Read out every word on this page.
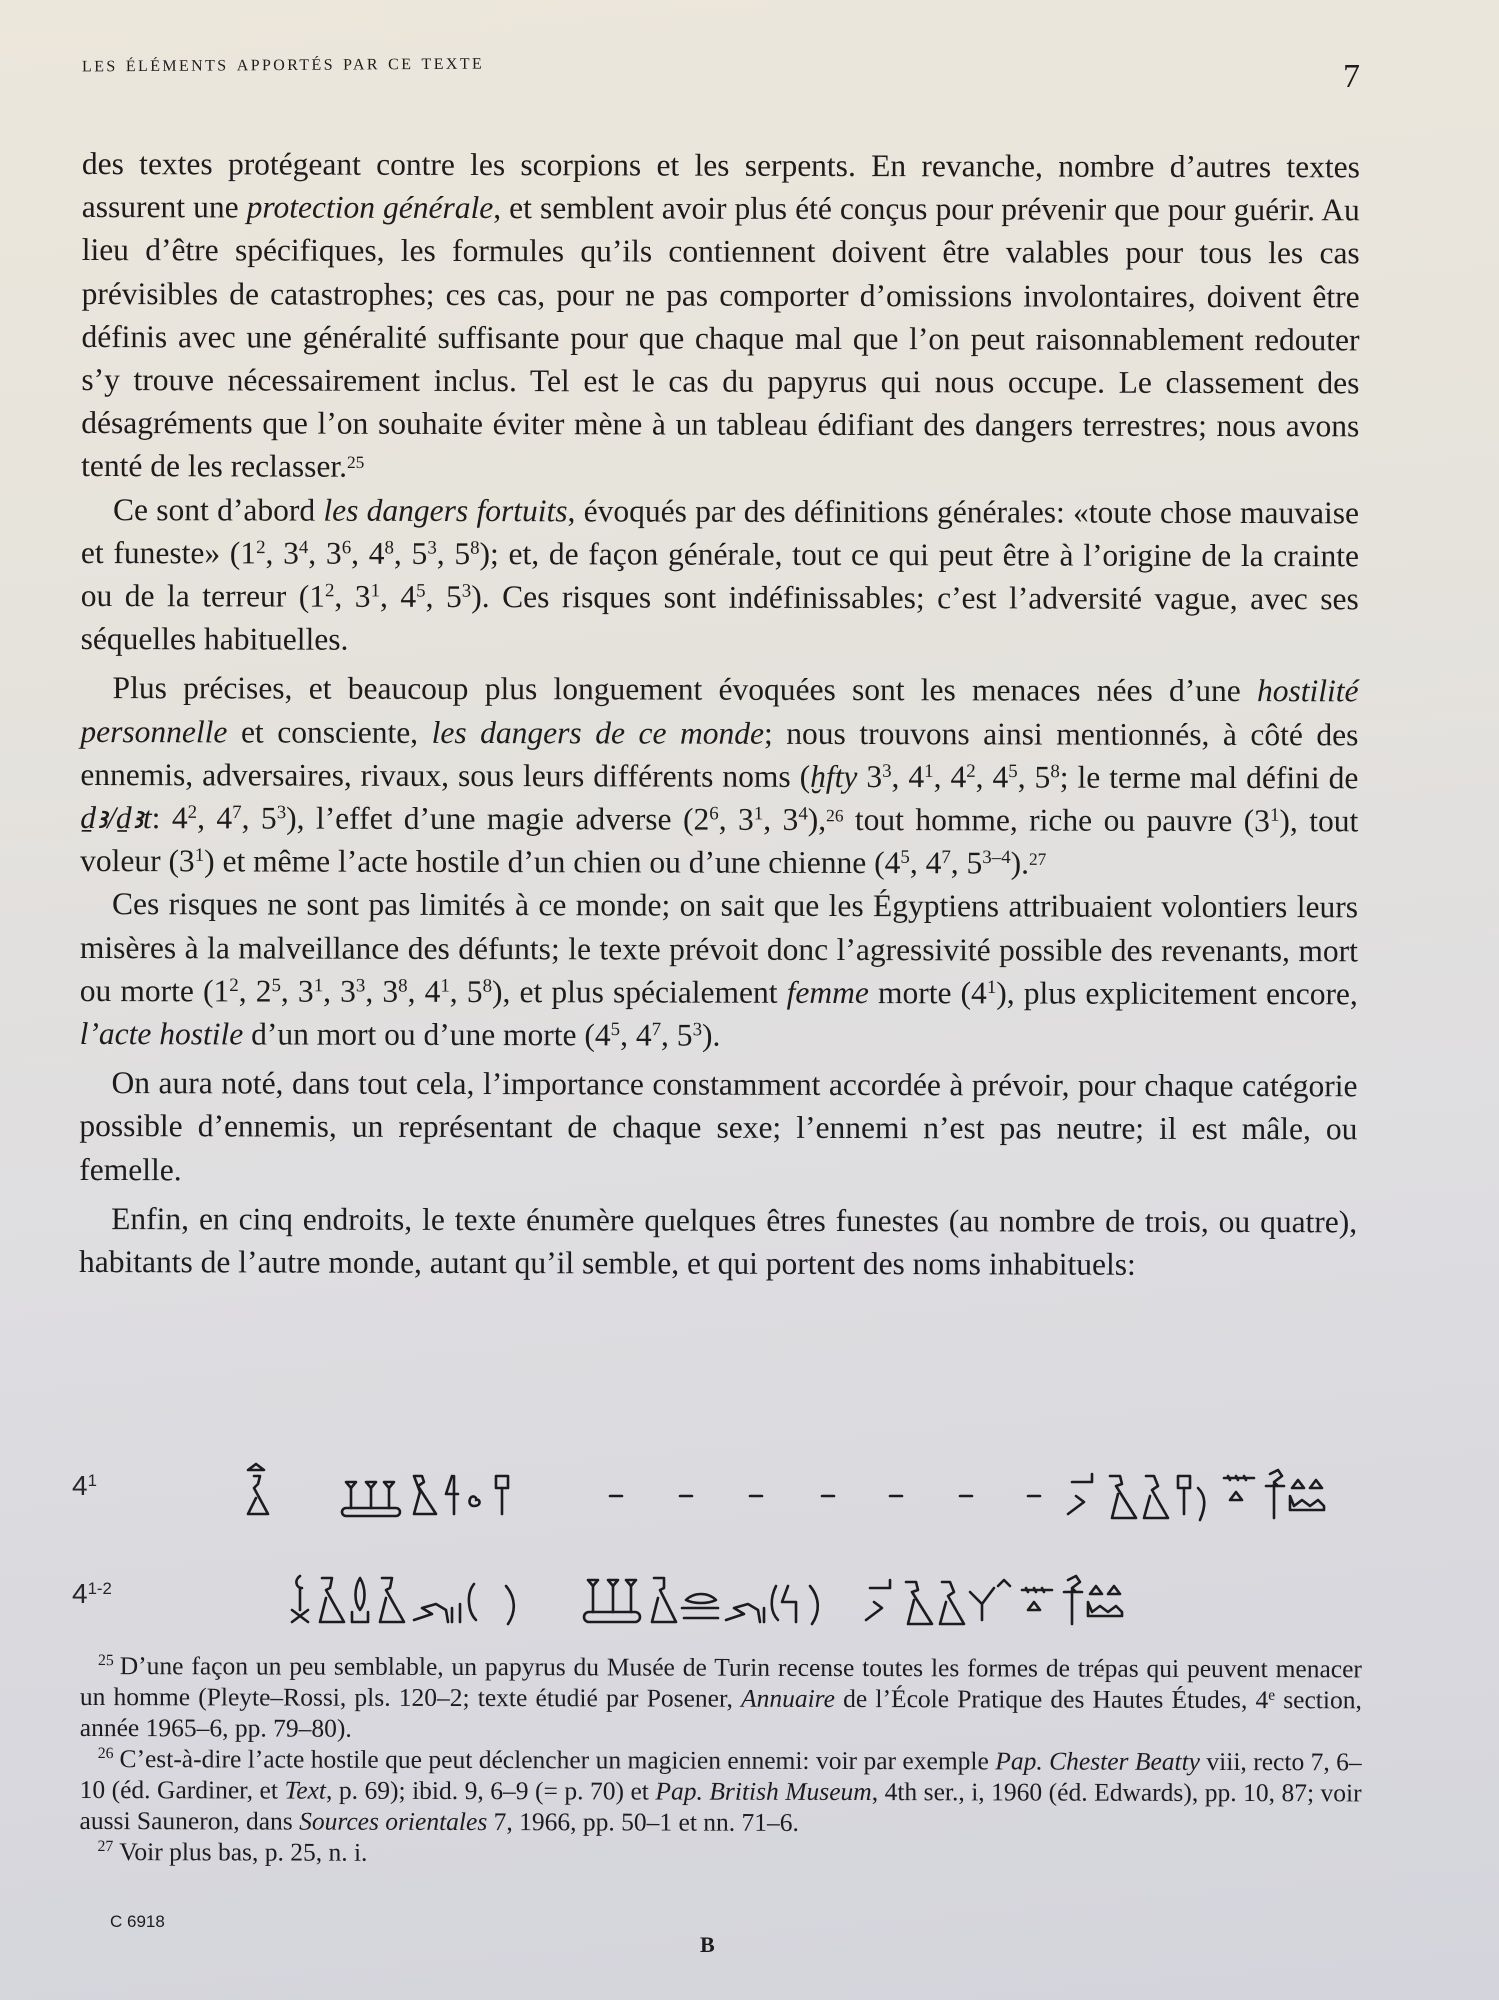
les éléments apportés par ce texte	7

des textes protégeant contre les scorpions et les serpents. En revanche, nombre d’autres textes assurent une protection générale, et semblent avoir plus été conçus pour prévenir que pour guérir. Au lieu d’être spécifiques, les formules qu’ils contiennent doivent être valables pour tous les cas prévisibles de catastrophes; ces cas, pour ne pas comporter d’omissions involontaires, doivent être définis avec une généralité suffisante pour que chaque mal que l’on peut raisonnablement redouter s’y trouve nécessairement inclus. Tel est le cas du papyrus qui nous occupe. Le classement des désagréments que l’on souhaite éviter mène à un tableau édifiant des dangers terrestres; nous avons tenté de les reclasser.$^{25}$

Ce sont d’abord les dangers fortuits, évoqués par des définitions générales: «toute chose mauvaise et funeste» ($1^2$, $3^4$, $3^6$, $4^8$, $5^3$, $5^8$); et, de façon générale, tout ce qui peut être à l’origine de la crainte ou de la terreur ($1^2$, $3^1$, $4^5$, $5^3$). Ces risques sont indéfinissables; c’est l’adversité vague, avec ses séquelles habituelles.

Plus précises, et beaucoup plus longuement évoquées sont les menaces nées d’une hostilité personnelle et consciente, les dangers de ce monde; nous trouvons ainsi mentionnés, à côté des ennemis, adversaires, rivaux, sous leurs différents noms (ḫfty $3^3$, $4^1$, $4^2$, $4^5$, $5^8$; le terme mal défini de ḏꜣ/ḏꜣt: $4^2$, $4^7$, $5^3$), l’effet d’une magie adverse ($2^6$, $3^1$, $3^4),^{26}$ tout homme, riche ou pauvre $(3^1)$, tout voleur $(3^1)$ et même l’acte hostile d’un chien ou d’une chienne ($4^5$, $4^7$, 5$^{3-4}$).$^{27}$

Ces risques ne sont pas limités à ce monde; on sait que les Égyptiens attribuaient volontiers leurs misères à la malveillance des défunts; le texte prévoit donc l’agressivité possible des revenants, mort ou morte ($1^2$, $2^5$, $3^1$, $3^3$, $3^8$, $4^1$, $5^8$), et plus spécialement femme morte $(4^1)$, plus explicitement encore, l’acte hostile d’un mort ou d’une morte ($4^5$, $4^7$, $5^3$).

On aura noté, dans tout cela, l’importance constamment accordée à prévoir, pour chaque catégorie possible d’ennemis, un représentant de chaque sexe; l’ennemi n’est pas neutre; il est mâle, ou femelle.

Enfin, en cinq endroits, le texte énumère quelques êtres funestes (au nombre de trois, ou quatre), habitants de l’autre monde, autant qu’il semble, et qui portent des noms inhabituels:

$4^1$
4$^{1-2}$

$^{25}$ D’une façon un peu semblable, un papyrus du Musée de Turin recense toutes les formes de trépas qui peuvent menacer un homme (Pleyte–Rossi, pls. 120–2; texte étudié par Posener, Annuaire de l’École Pratique des Hautes Études, 4e section, année 1965–6, pp. 79–80).

$^{26}$ C’est-à-dire l’acte hostile que peut déclencher un magicien ennemi: voir par exemple Pap. Chester Beatty viii, recto 7, 6–10 (éd. Gardiner, et Text, p. 69); ibid. 9, 6–9 (= p. 70) et Pap. British Museum, 4th ser., i, 1960 (éd. Edwards), pp. 10, 87; voir aussi Sauneron, dans Sources orientales 7, 1966, pp. 50–1 et nn. 71–6.

$^{27}$ Voir plus bas, p. 25, n. i.

C 6918
B
